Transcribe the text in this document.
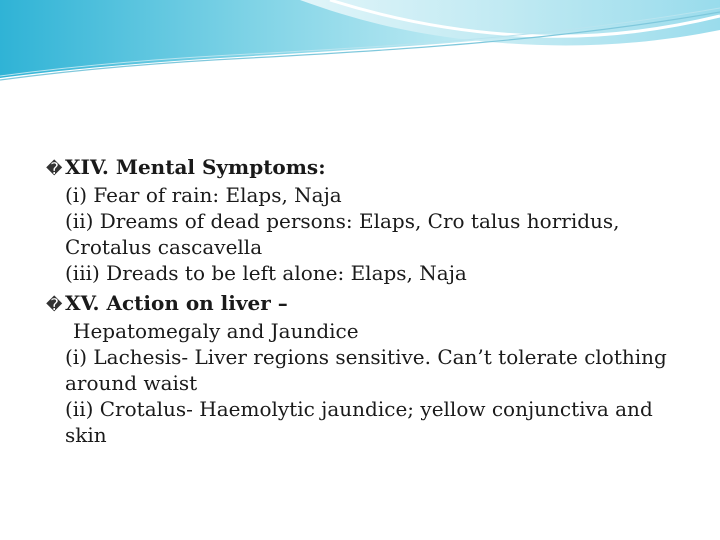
� XIV. Mental Symptoms:

(i) Fear of rain: Elaps, Naja

(ii) Dreams of dead persons: Elaps, Cro talus horridus,

Crotalus cascavella

(iii) Dreads to be left alone: Elaps, Naja

� XV. Action on liver –

Hepatomegaly and Jaundice

(i) Lachesis- Liver regions sensitive. Can’t tolerate clothing

around waist

(ii) Crotalus- Haemolytic jaundice; yellow conjunctiva and

skin
